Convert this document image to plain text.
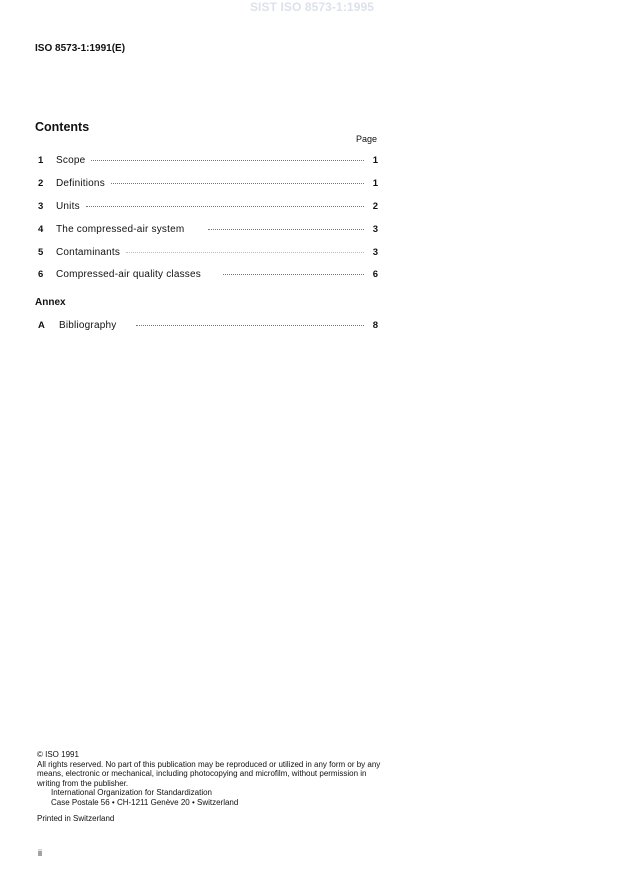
SIST ISO 8573-1:1995
ISO 8573-1:1991(E)
Contents
Page
1	Scope	1
2	Definitions	1
3	Units	2
4	The compressed-air system	3
5	Contaminants	3
6	Compressed-air quality classes	6
A	Bibliography	8
Annex

© ISO 1991

All rights reserved. No part of this publication may be reproduced or utilized in any form or by any means, electronic or mechanical, including photocopying and microfilm, without permission in writing from the publisher.

International Organization for Standardization

Case Postale 56 • CH-1211 Genève 20 • Switzerland

Printed in Switzerland

ii
